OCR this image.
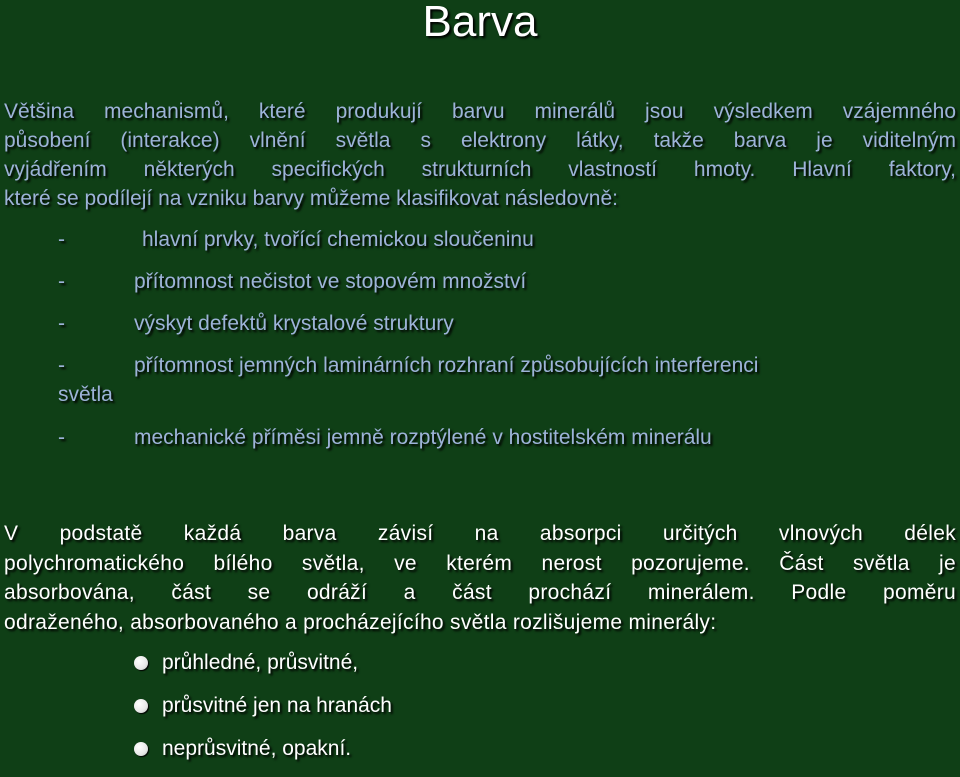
Barva
Většina mechanismů, které produkují barvu minerálů jsou výsledkem vzájemného
působení (interakce) vlnění světla s elektrony látky, takže barva je viditelným
vyjádřením některých specifických strukturních vlastností hmoty. Hlavní faktory,
které se podílejí na vzniku barvy můžeme klasifikovat následovně:
-	hlavní prvky, tvořící chemickou sloučeninu
-	přítomnost nečistot ve stopovém množství
-	výskyt defektů krystalové struktury
-	přítomnost jemných laminárních rozhraní způsobujících interferenci
světla
-	mechanické příměsi jemně rozptýlené v hostitelském minerálu
V podstatě každá barva závisí na absorpci určitých vlnových délek
polychromatického bílého světla, ve kterém nerost pozorujeme. Část světla je
absorbována, část se odráží a část prochází minerálem. Podle poměru
odraženého, absorbovaného a procházejícího světla rozlišujeme minerály:
průhledné, průsvitné,
průsvitné jen na hranách
neprůsvitné, opakní.
